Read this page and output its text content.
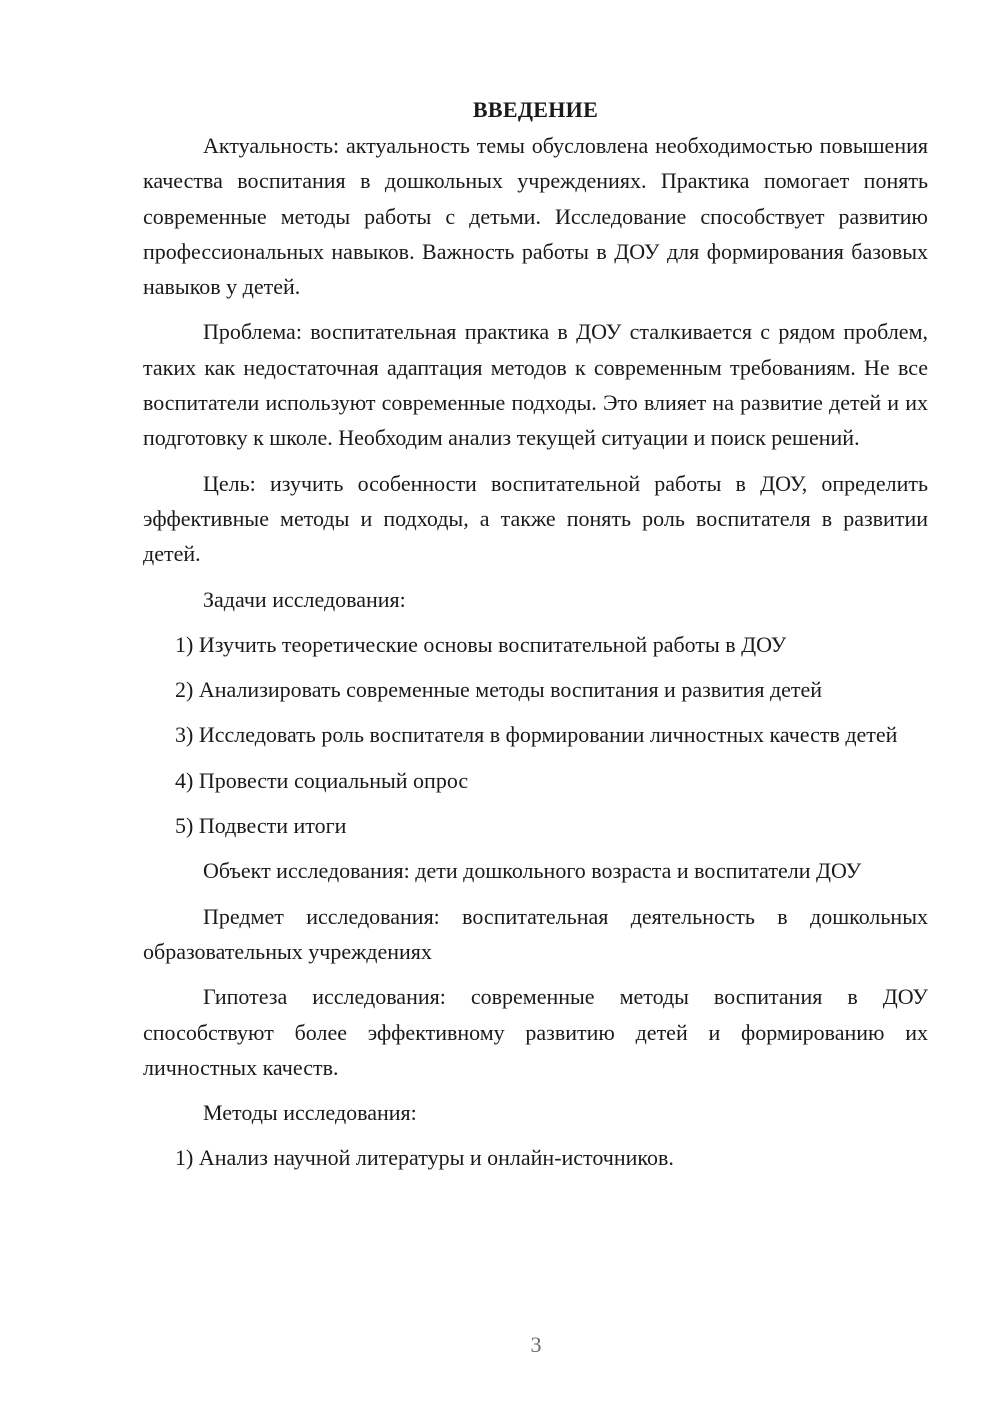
ВВЕДЕНИЕ

Актуальность: актуальность темы обусловлена необходимостью повышения качества воспитания в дошкольных учреждениях. Практика помогает понять современные методы работы с детьми. Исследование способствует развитию профессиональных навыков. Важность работы в ДОУ для формирования базовых навыков у детей.

Проблема: воспитательная практика в ДОУ сталкивается с рядом проблем, таких как недостаточная адаптация методов к современным требованиям. Не все воспитатели используют современные подходы. Это влияет на развитие детей и их подготовку к школе. Необходим анализ текущей ситуации и поиск решений.

Цель: изучить особенности воспитательной работы в ДОУ, определить эффективные методы и подходы, а также понять роль воспитателя в развитии детей.

Задачи исследования:

1) Изучить теоретические основы воспитательной работы в ДОУ

2) Анализировать современные методы воспитания и развития детей

3) Исследовать роль воспитателя в формировании личностных качеств детей

4) Провести социальный опрос

5) Подвести итоги

Объект исследования: дети дошкольного возраста и воспитатели ДОУ

Предмет исследования: воспитательная деятельность в дошкольных образовательных учреждениях

Гипотеза исследования: современные методы воспитания в ДОУ способствуют более эффективному развитию детей и формированию их личностных качеств.

Методы исследования:

1) Анализ научной литературы и онлайн-источников.

3
